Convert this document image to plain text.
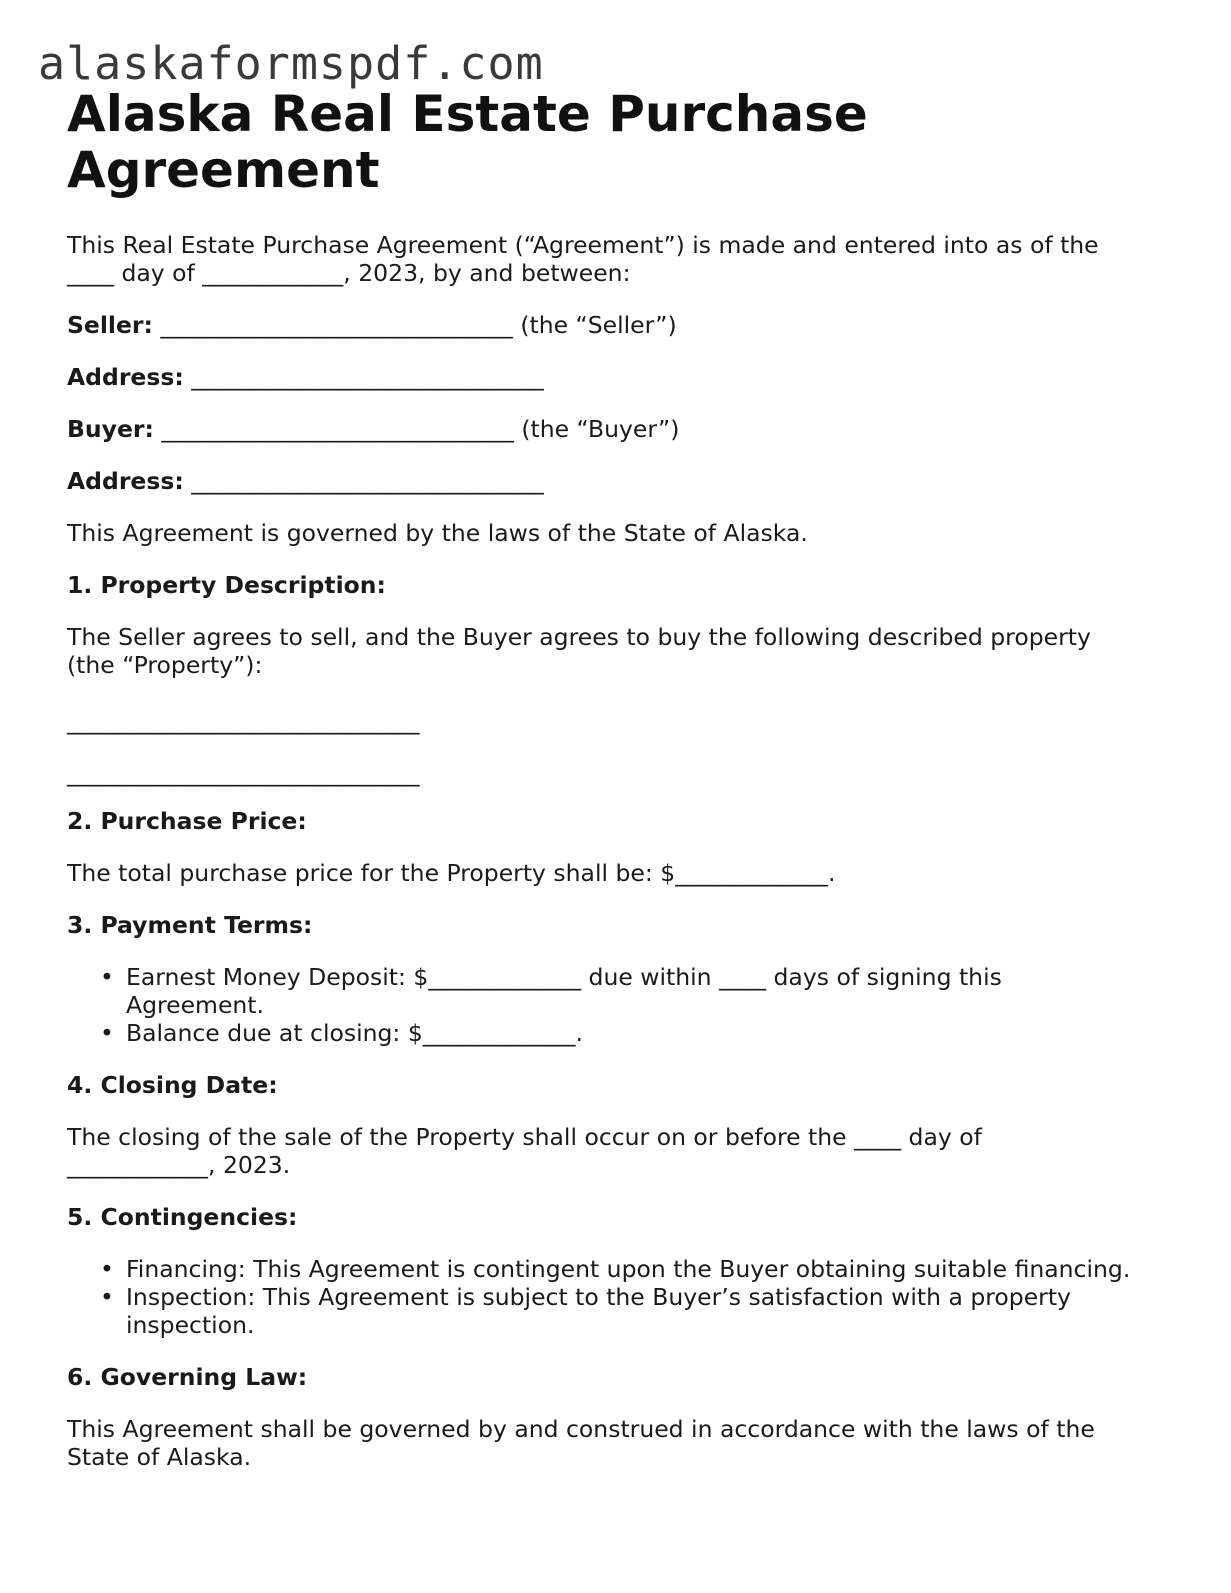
alaskaformspdf.com
Alaska Real Estate Purchase Agreement

This Real Estate Purchase Agreement (“Agreement”) is made and entered into as of the ____ day of ____________, 2023, by and between:

Seller: ______________________________ (the “Seller”)

Address: ______________________________

Buyer: ______________________________ (the “Buyer”)

Address: ______________________________

This Agreement is governed by the laws of the State of Alaska.

1. Property Description:

The Seller agrees to sell, and the Buyer agrees to buy the following described property (the “Property”):

______________________________

______________________________

2. Purchase Price:

The total purchase price for the Property shall be: $_____________.

3. Payment Terms:

• Earnest Money Deposit: $_____________ due within ____ days of signing this Agreement.
• Balance due at closing: $_____________.

4. Closing Date:

The closing of the sale of the Property shall occur on or before the ____ day of ____________, 2023.

5. Contingencies:

• Financing: This Agreement is contingent upon the Buyer obtaining suitable financing.
• Inspection: This Agreement is subject to the Buyer’s satisfaction with a property inspection.

6. Governing Law:

This Agreement shall be governed by and construed in accordance with the laws of the State of Alaska.
